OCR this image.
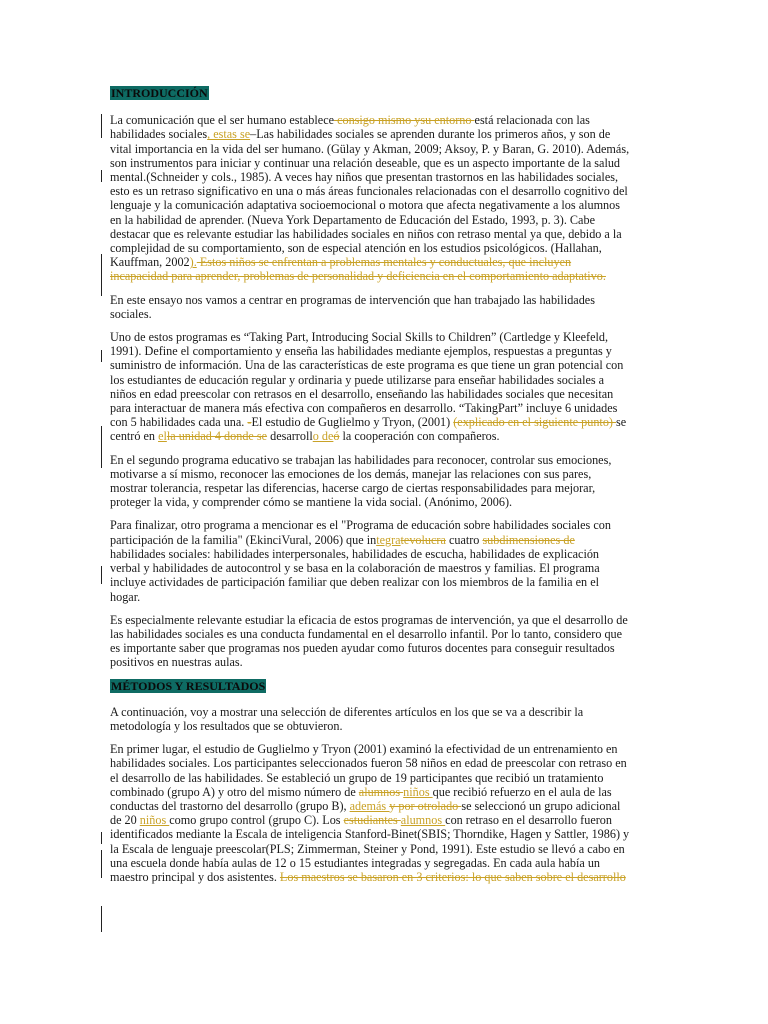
INTRODUCCIÓN

La comunicación que el ser humano establece consigo mismo ysu entorno está relacionada con las habilidades sociales, estas se–Las habilidades sociales se aprenden durante los primeros años, y son de vital importancia en la vida del ser humano. (Gülay y Akman, 2009; Aksoy, P. y Baran, G. 2010). Además, son instrumentos para iniciar y continuar una relación deseable, que es un aspecto importante de la salud mental.(Schneider y cols., 1985). A veces hay niños que presentan trastornos en las habilidades sociales, esto es un retraso significativo en una o más áreas funcionales relacionadas con el desarrollo cognitivo del lenguaje y la comunicación adaptativa socioemocional o motora que afecta negativamente a los alumnos en la habilidad de aprender. (Nueva York Departamento de Educación del Estado, 1993, p. 3). Cabe destacar que es relevante estudiar las habilidades sociales en niños con retraso mental ya que, debido a la complejidad de su comportamiento, son de especial atención en los estudios psicológicos. (Hallahan, Kauffman, 2002). Estos niños se enfrentan a problemas mentales y conductuales, que incluyen incapacidad para aprender, problemas de personalidad y deficiencia en el comportamiento adaptativo.

En este ensayo nos vamos a centrar en programas de intervención que han trabajado las habilidades sociales.

Uno de estos programas es “Taking Part, Introducing Social Skills to Children” (Cartledge y Kleefeld, 1991). Define el comportamiento y enseña las habilidades mediante ejemplos, respuestas a preguntas y suministro de información. Una de las características de este programa es que tiene un gran potencial con los estudiantes de educación regular y ordinaria y puede utilizarse para enseñar habilidades sociales a niños en edad preescolar con retrasos en el desarrollo, enseñando las habilidades sociales que necesitan para interactuar de manera más efectiva con compañeros en desarrollo. “TakingPart” incluye 6 unidades con 5 habilidades cada una. -El estudio de Guglielmo y Tryon, (2001) (explicado en el siguiente punto) se centró en ella unidad 4 donde se desarrollo deó la cooperación con compañeros.

En el segundo programa educativo se trabajan las habilidades para reconocer, controlar sus emociones, motivarse a sí mismo, reconocer las emociones de los demás, manejar las relaciones con sus pares, mostrar tolerancia, respetar las diferencias, hacerse cargo de ciertas responsabilidades para mejorar, proteger la vida, y comprender cómo se mantiene la vida social. (Anónimo, 2006).

Para finalizar, otro programa a mencionar es el "Programa de educación sobre habilidades sociales con participación de la familia" (EkinciVural, 2006) que integratevolucra cuatro subdimensiones de habilidades sociales: habilidades interpersonales, habilidades de escucha, habilidades de explicación verbal y habilidades de autocontrol y se basa en la colaboración de maestros y familias. El programa incluye actividades de participación familiar que deben realizar con los miembros de la familia en el hogar.

Es especialmente relevante estudiar la eficacia de estos programas de intervención, ya que el desarrollo de las habilidades sociales es una conducta fundamental en el desarrollo infantil. Por lo tanto, considero que es importante saber que programas nos pueden ayudar como futuros docentes para conseguir resultados positivos en nuestras aulas.

MÉTODOS Y RESULTADOS

A continuación, voy a mostrar una selección de diferentes artículos en los que se va a describir la metodología y los resultados que se obtuvieron.

En primer lugar, el estudio de Guglielmo y Tryon (2001) examinó la efectividad de un entrenamiento en habilidades sociales. Los participantes seleccionados fueron 58 niños en edad de preescolar con retraso en el desarrollo de las habilidades. Se estableció un grupo de 19 participantes que recibió un tratamiento combinado (grupo A) y otro del mismo número de alumnos niños que recibió refuerzo en el aula de las conductas del trastorno del desarrollo (grupo B), además y por otrolado se seleccionó un grupo adicional de 20 niños como grupo control (grupo C). Los estudiantes alumnos con retraso en el desarrollo fueron identificados mediante la Escala de inteligencia Stanford-Binet(SBIS; Thorndike, Hagen y Sattler, 1986) y la Escala de lenguaje preescolar(PLS; Zimmerman, Steiner y Pond, 1991). Este estudio se llevó a cabo en una escuela donde había aulas de 12 o 15 estudiantes integradas y segregadas. En cada aula había un maestro principal y dos asistentes. Los maestros se basaron en 3 criterios: lo que saben sobre el desarrollo
